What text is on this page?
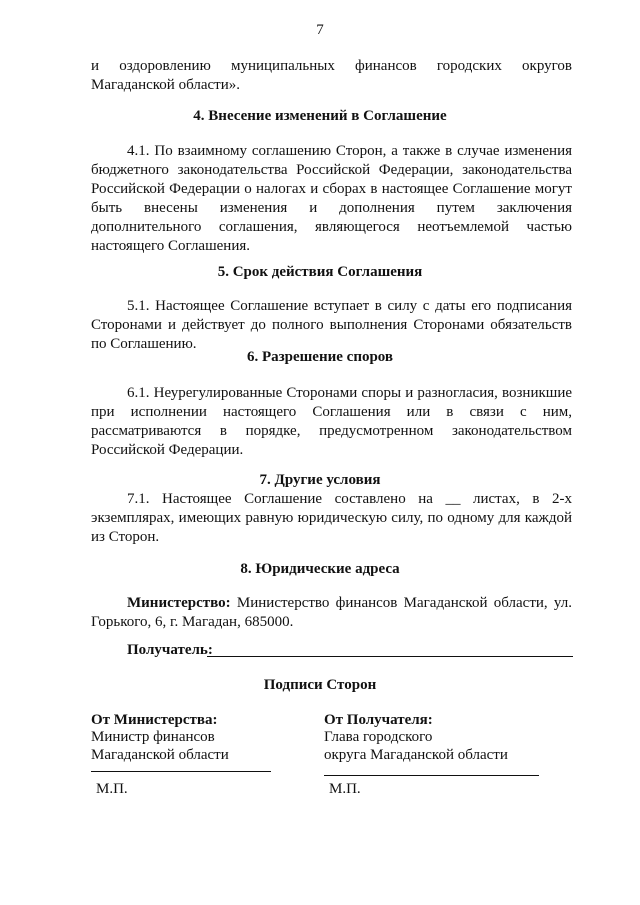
7
и оздоровлению муниципальных финансов городских округов
Магаданской области».
4. Внесение изменений в Соглашение
4.1. По взаимному соглашению Сторон, а также в случае изменения бюджетного законодательства Российской Федерации, законодательства Российской Федерации о налогах и сборах в настоящее Соглашение могут быть внесены изменения и дополнения путем заключения дополнительного соглашения, являющегося неотъемлемой частью настоящего Соглашения.
5. Срок действия Соглашения
5.1. Настоящее Соглашение вступает в силу с даты его подписания Сторонами и действует до полного выполнения Сторонами обязательств по Соглашению.
6. Разрешение споров
6.1. Неурегулированные Сторонами споры и разногласия, возникшие при исполнении настоящего Соглашения или в связи с ним, рассматриваются в порядке, предусмотренном законодательством Российской Федерации.
7. Другие условия
7.1. Настоящее Соглашение составлено на __ листах, в 2-х экземплярах, имеющих равную юридическую силу, по одному для каждой из Сторон.
8. Юридические адреса
Министерство: Министерство финансов Магаданской области, ул. Горького, 6, г. Магадан, 685000.
Получатель:
Подписи Сторон
От Министерства:
Министр финансов
Магаданской области
М.П.
От Получателя:
Глава городского
округа Магаданской области
М.П.
